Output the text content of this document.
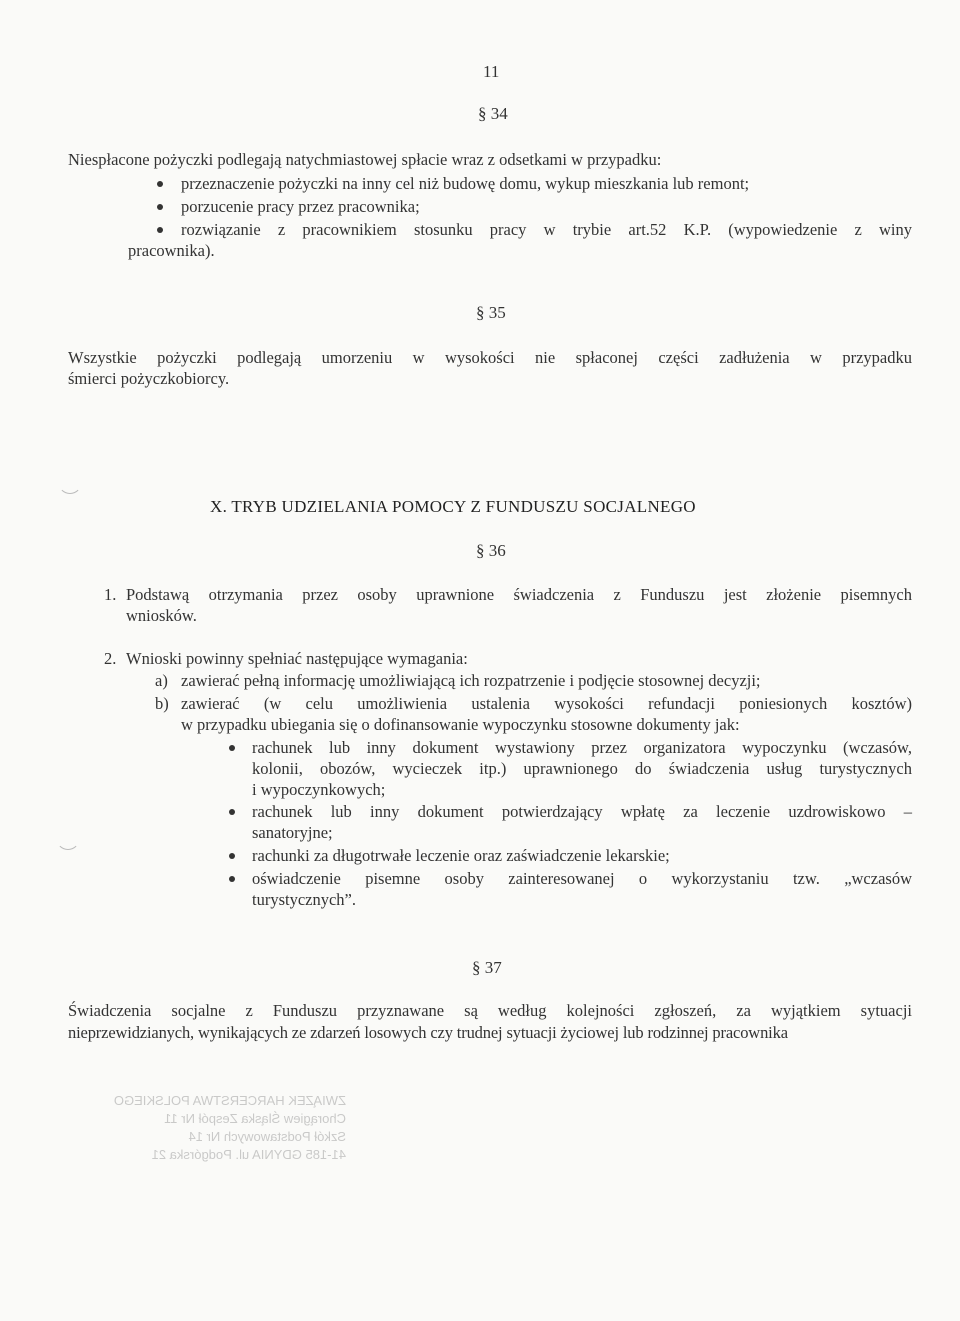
11
§ 34
Niespłacone pożyczki podlegają natychmiastowej spłacie wraz z odsetkami w przypadku:
przeznaczenie pożyczki na inny cel niż budowę domu, wykup mieszkania lub remont;
porzucenie pracy przez pracownika;
rozwiązanie z pracownikiem stosunku pracy w trybie art.52 K.P. (wypowiedzenie z winy
pracownika).
§ 35
Wszystkie pożyczki podlegają umorzeniu w wysokości nie spłaconej części zadłużenia w przypadku
śmierci pożyczkobiorcy.
X. TRYB UDZIELANIA POMOCY Z FUNDUSZU SOCJALNEGO
§ 36
1. Podstawą otrzymania przez osoby uprawnione świadczenia z Funduszu jest złożenie pisemnych
wniosków.
2. Wnioski powinny spełniać następujące wymagania:
a) zawierać pełną informację umożliwiającą ich rozpatrzenie i podjęcie stosownej decyzji;
b) zawierać (w celu umożliwienia ustalenia wysokości refundacji poniesionych kosztów)
w przypadku ubiegania się o dofinansowanie wypoczynku stosowne dokumenty jak:
rachunek lub inny dokument wystawiony przez organizatora wypoczynku (wczasów,
kolonii, obozów, wycieczek itp.) uprawnionego do świadczenia usług turystycznych
i wypoczynkowych;
rachunek lub inny dokument potwierdzający wpłatę za leczenie uzdrowiskowo –
sanatoryjne;
rachunki za długotrwałe leczenie oraz zaświadczenie lekarskie;
oświadczenie pisemne osoby zainteresowanej o wykorzystaniu tzw. „wczasów
turystycznych”.
§ 37
Świadczenia socjalne z Funduszu przyznawane są według kolejności zgłoszeń, za wyjątkiem sytuacji
nieprzewidzianych, wynikających ze zdarzeń losowych czy trudnej sytuacji życiowej lub rodzinnej pracownika
ZWIĄZEK HARCERSTWA POLSKIEGO
Chorągiew Śląska Zespół Nr 11
Szkół Podstawowych Nr 14
41-185 GDYNIA ul. Podgórska 21
